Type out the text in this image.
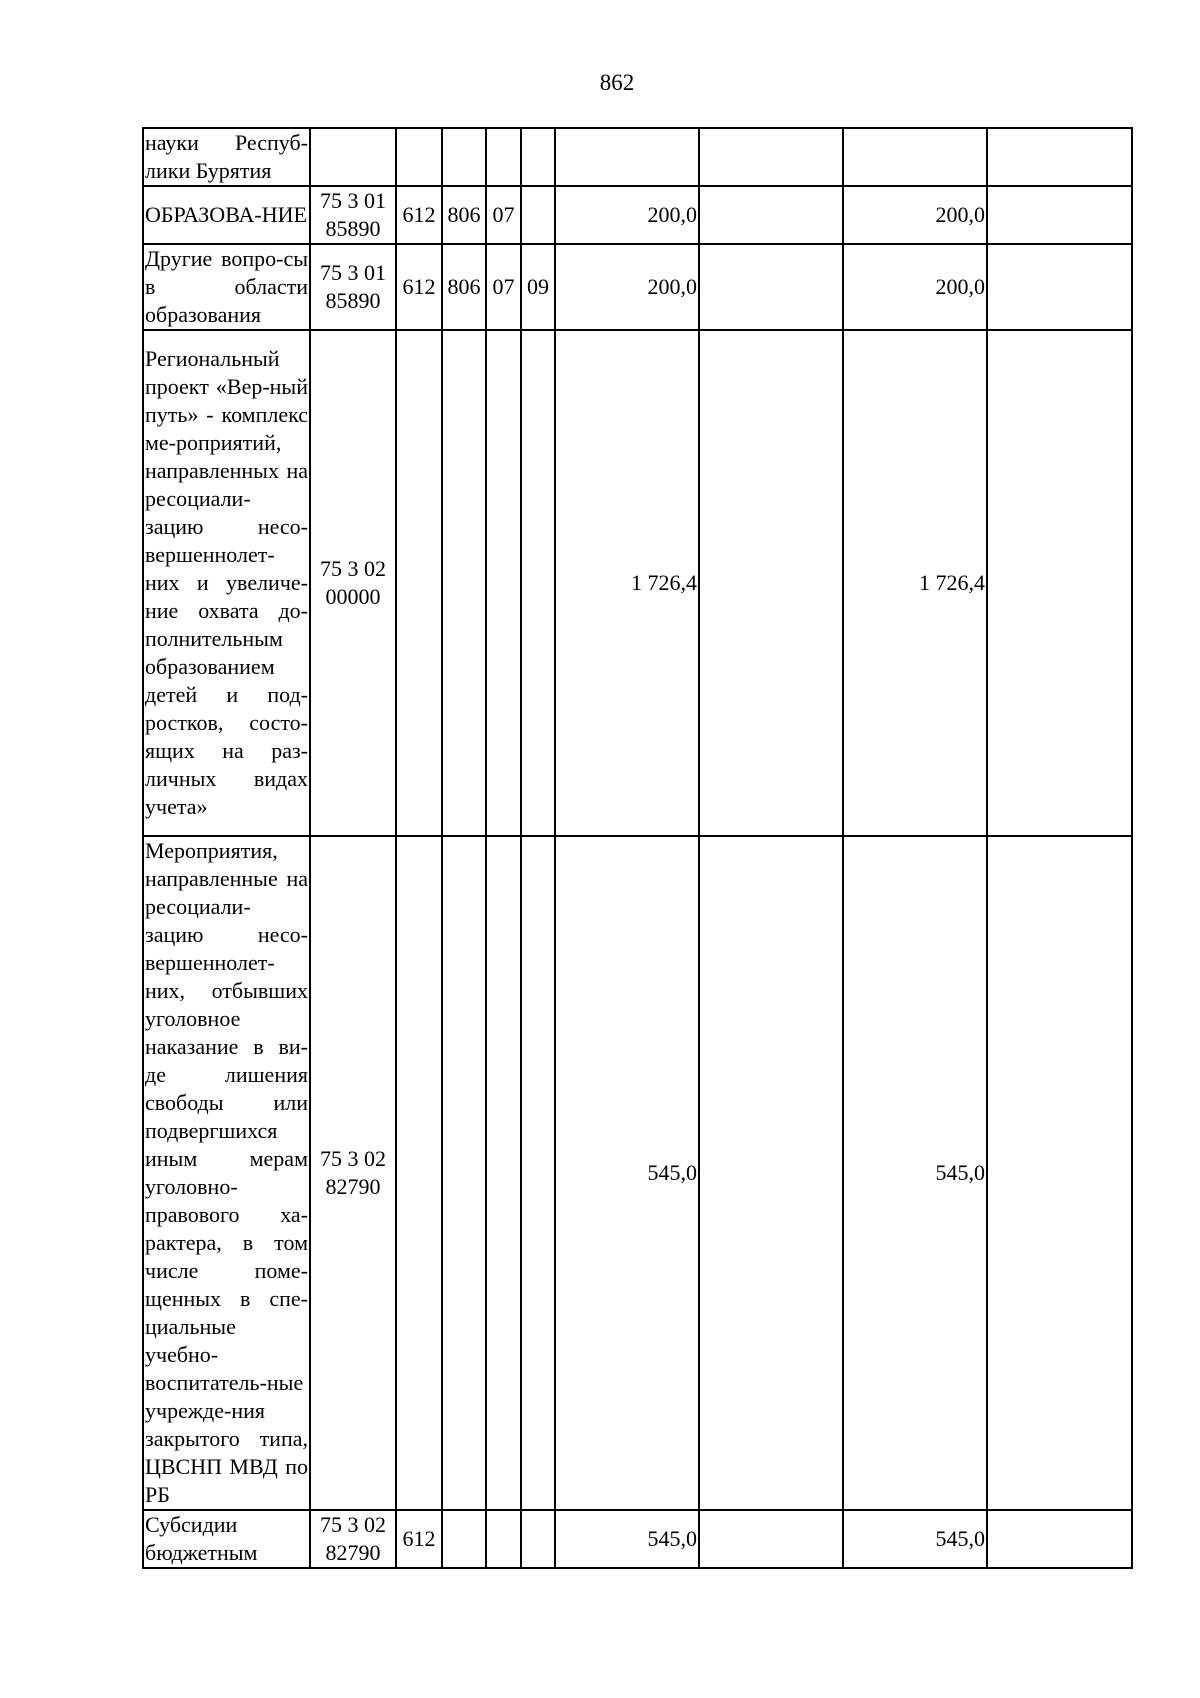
862
науки Респуб-лики Бурятия									
ОБРАЗОВА-НИЕ	75 3 01 85890	612	806	07		200,0		200,0	
Другие вопро-сы в области образования	75 3 01 85890	612	806	07	09	200,0		200,0	
Региональный проект «Вер-ный путь» - комплекс ме-роприятий, направленных на ресоциали-зацию несо-вершеннолет-них и увеличе-ние охвата до-полнительным образованием детей и под-ростков, состо-ящих на раз-личных видах учета»	75 3 02 00000					1 726,4		1 726,4	
Мероприятия, направленные на ресоциали-зацию несо-вершеннолет-них, отбывших уголовное наказание в ви-де лишения свободы или подвергшихся иным мерам уголовно-правового ха-рактера, в том числе поме-щенных в спе-циальные учебно-воспитатель-ные учрежде-ния закрытого типа, ЦВСНП МВД по РБ	75 3 02 82790					545,0		545,0	
Субсидии бюджетным	75 3 02 82790	612				545,0		545,0	
